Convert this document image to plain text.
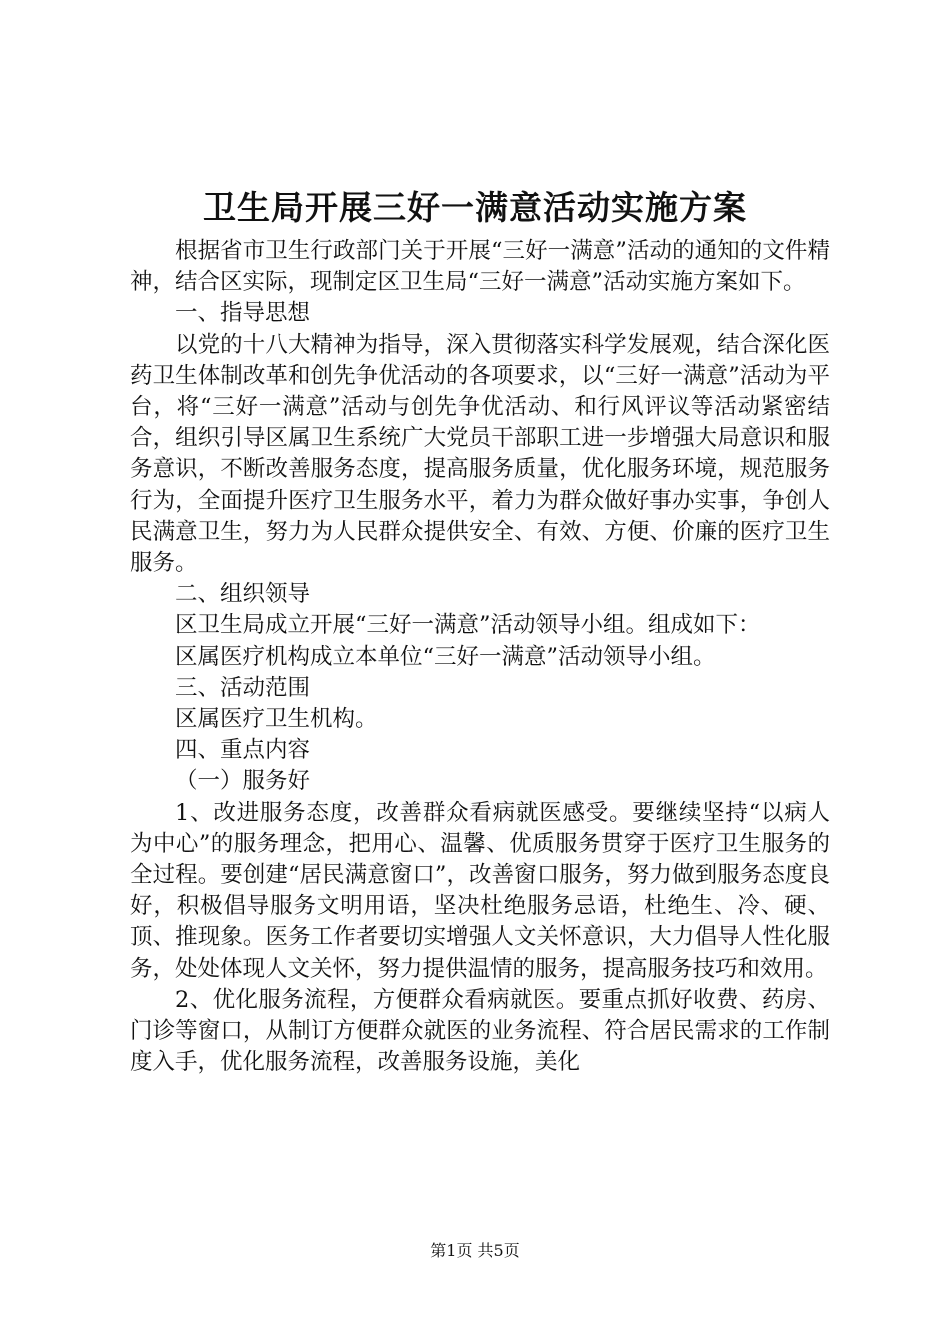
卫生局开展三好一满意活动实施方案

根据省市卫生行政部门关于开展“三好一满意”活动的通知的文件精神，结合区实际，现制定区卫生局“三好一满意”活动实施方案如下。

一、指导思想

以党的十八大精神为指导，深入贯彻落实科学发展观，结合深化医药卫生体制改革和创先争优活动的各项要求，以“三好一满意”活动为平台，将“三好一满意”活动与创先争优活动、和行风评议等活动紧密结合，组织引导区属卫生系统广大党员干部职工进一步增强大局意识和服务意识，不断改善服务态度，提高服务质量，优化服务环境，规范服务行为，全面提升医疗卫生服务水平，着力为群众做好事办实事，争创人民满意卫生，努力为人民群众提供安全、有效、方便、价廉的医疗卫生服务。

二、组织领导

区卫生局成立开展“三好一满意”活动领导小组。组成如下：

区属医疗机构成立本单位“三好一满意”活动领导小组。

三、活动范围

区属医疗卫生机构。

四、重点内容

（一）服务好

1、改进服务态度，改善群众看病就医感受。要继续坚持“以病人为中心”的服务理念，把用心、温馨、优质服务贯穿于医疗卫生服务的全过程。要创建“居民满意窗口”，改善窗口服务，努力做到服务态度良好，积极倡导服务文明用语，坚决杜绝服务忌语，杜绝生、冷、硬、顶、推现象。医务工作者要切实增强人文关怀意识，大力倡导人性化服务，处处体现人文关怀，努力提供温情的服务，提高服务技巧和效用。

2、优化服务流程，方便群众看病就医。要重点抓好收费、药房、门诊等窗口，从制订方便群众就医的业务流程、符合居民需求的工作制度入手，优化服务流程，改善服务设施，美化

第1页 共5页
